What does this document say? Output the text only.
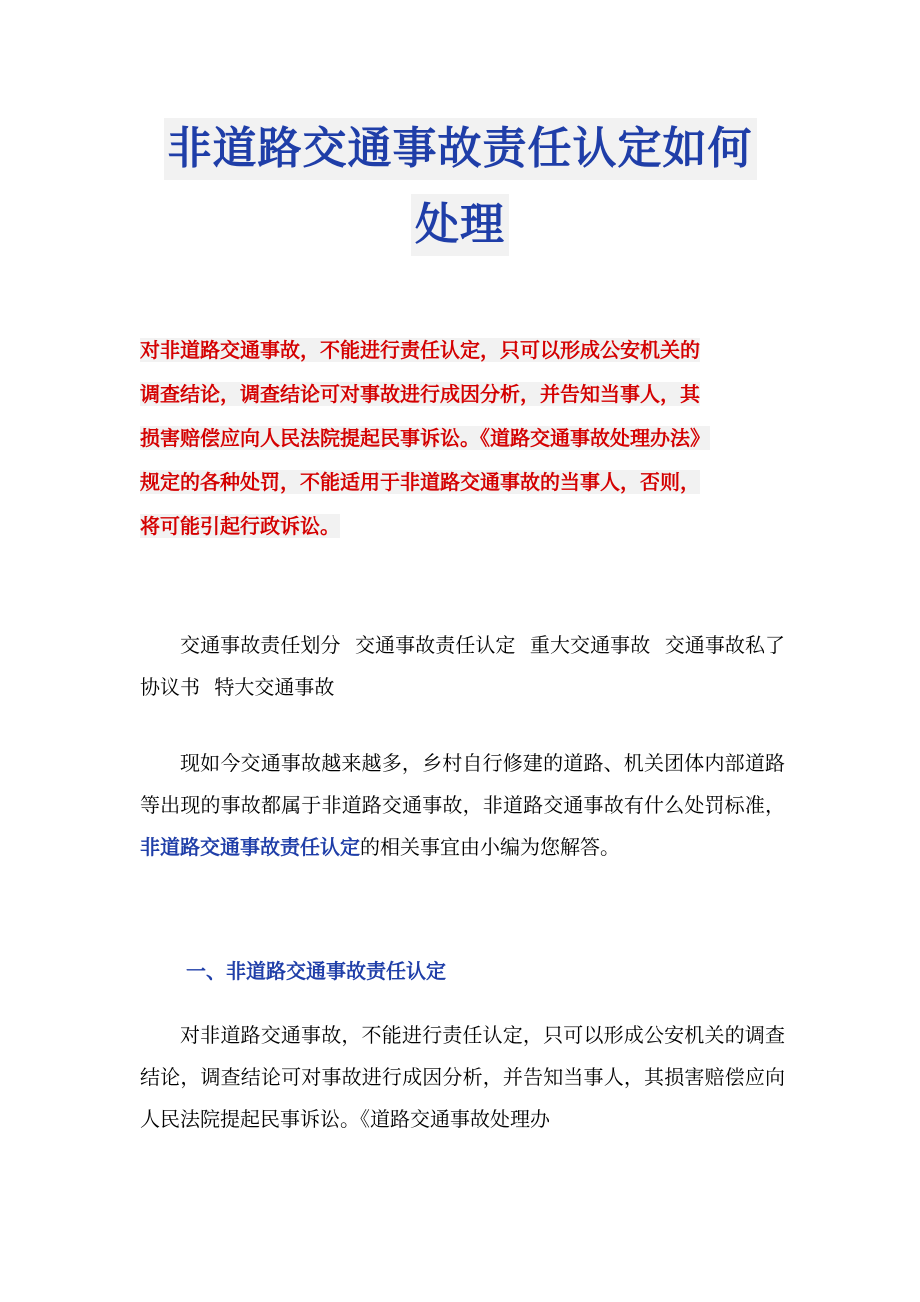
非道路交通事故责任认定如何
处理
对非道路交通事故，不能进行责任认定，只可以形成公安机关的
调查结论，调查结论可对事故进行成因分析，并告知当事人，其
损害赔偿应向人民法院提起民事诉讼。《道路交通事故处理办法》
规定的各种处罚，不能适用于非道路交通事故的当事人，否则，
将可能引起行政诉讼。
交通事故责任划分 交通事故责任认定 重大交通事故 交通事故私了协议书 特大交通事故
现如今交通事故越来越多，乡村自行修建的道路、机关团体内部道路等出现的事故都属于非道路交通事故，非道路交通事故有什么处罚标准，非道路交通事故责任认定的相关事宜由小编为您解答。
一、非道路交通事故责任认定
对非道路交通事故，不能进行责任认定，只可以形成公安机关的调查结论，调查结论可对事故进行成因分析，并告知当事人，其损害赔偿应向人民法院提起民事诉讼。《道路交通事故处理办
